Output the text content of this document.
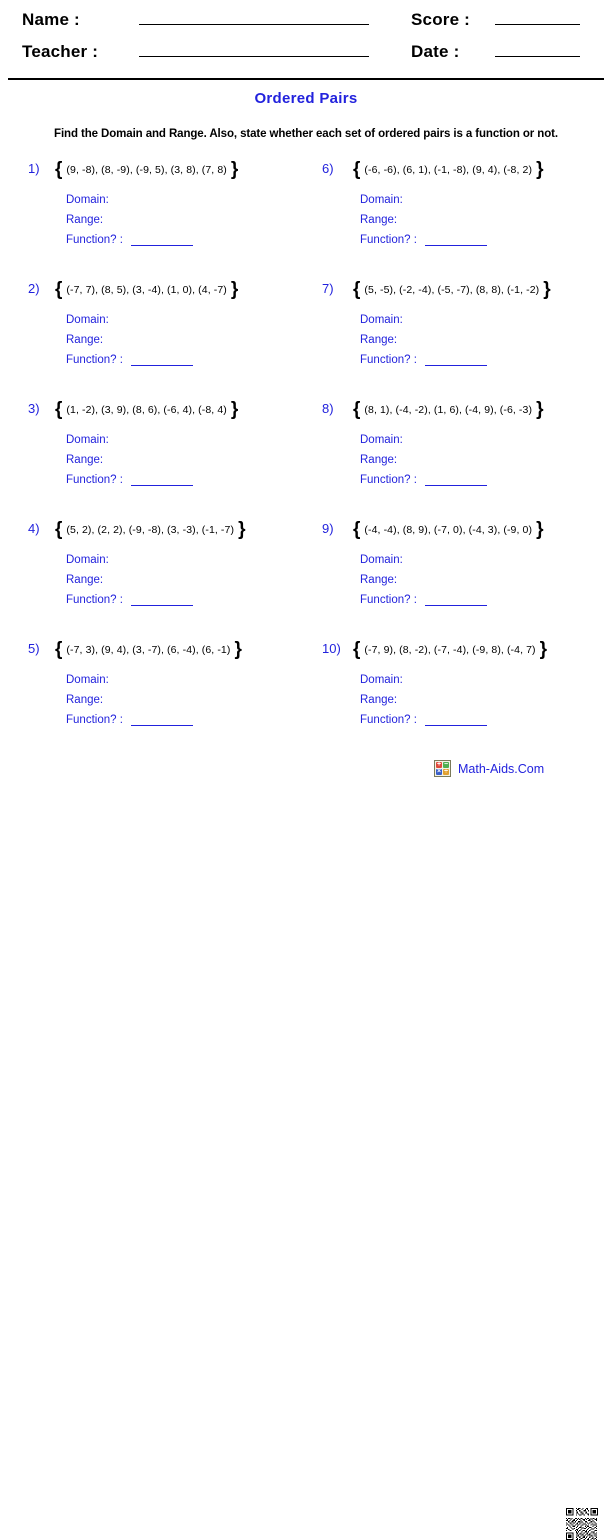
Name :	Score :
Teacher :	Date :
Ordered Pairs
Find the Domain and Range. Also, state whether each set of ordered pairs is a function or not.
1) { (9, -8), (8, -9), (-9, 5), (3, 8), (7, 8) }
Domain:
Range:
Function? :
2) { (-7, 7), (8, 5), (3, -4), (1, 0), (4, -7) }
Domain:
Range:
Function? :
3) { (1, -2), (3, 9), (8, 6), (-6, 4), (-8, 4) }
Domain:
Range:
Function? :
4) { (5, 2), (2, 2), (-9, -8), (3, -3), (-1, -7) }
Domain:
Range:
Function? :
5) { (-7, 3), (9, 4), (3, -7), (6, -4), (6, -1) }
Domain:
Range:
Function? :
6)	{ (-6, -6), (6, 1), (-1, -8), (9, 4), (-8, 2) }
Domain:
Range:
Function? :
7)	{ (5, -5), (-2, -4), (-5, -7), (8, 8), (-1, -2) }
Domain:
Range:
Function? :
8)	{ (8, 1), (-4, -2), (1, 6), (-4, 9), (-6, -3) }
Domain:
Range:
Function? :
9)	{ (-4, -4), (8, 9), (-7, 0), (-4, 3), (-9, 0) }
Domain:
Range:
Function? :
10) { (-7, 9), (8, -2), (-7, -4), (-9, 8), (-4, 7) }
Domain:
Range:
Function? :
+ −
× ÷ Math-Aids.Com
